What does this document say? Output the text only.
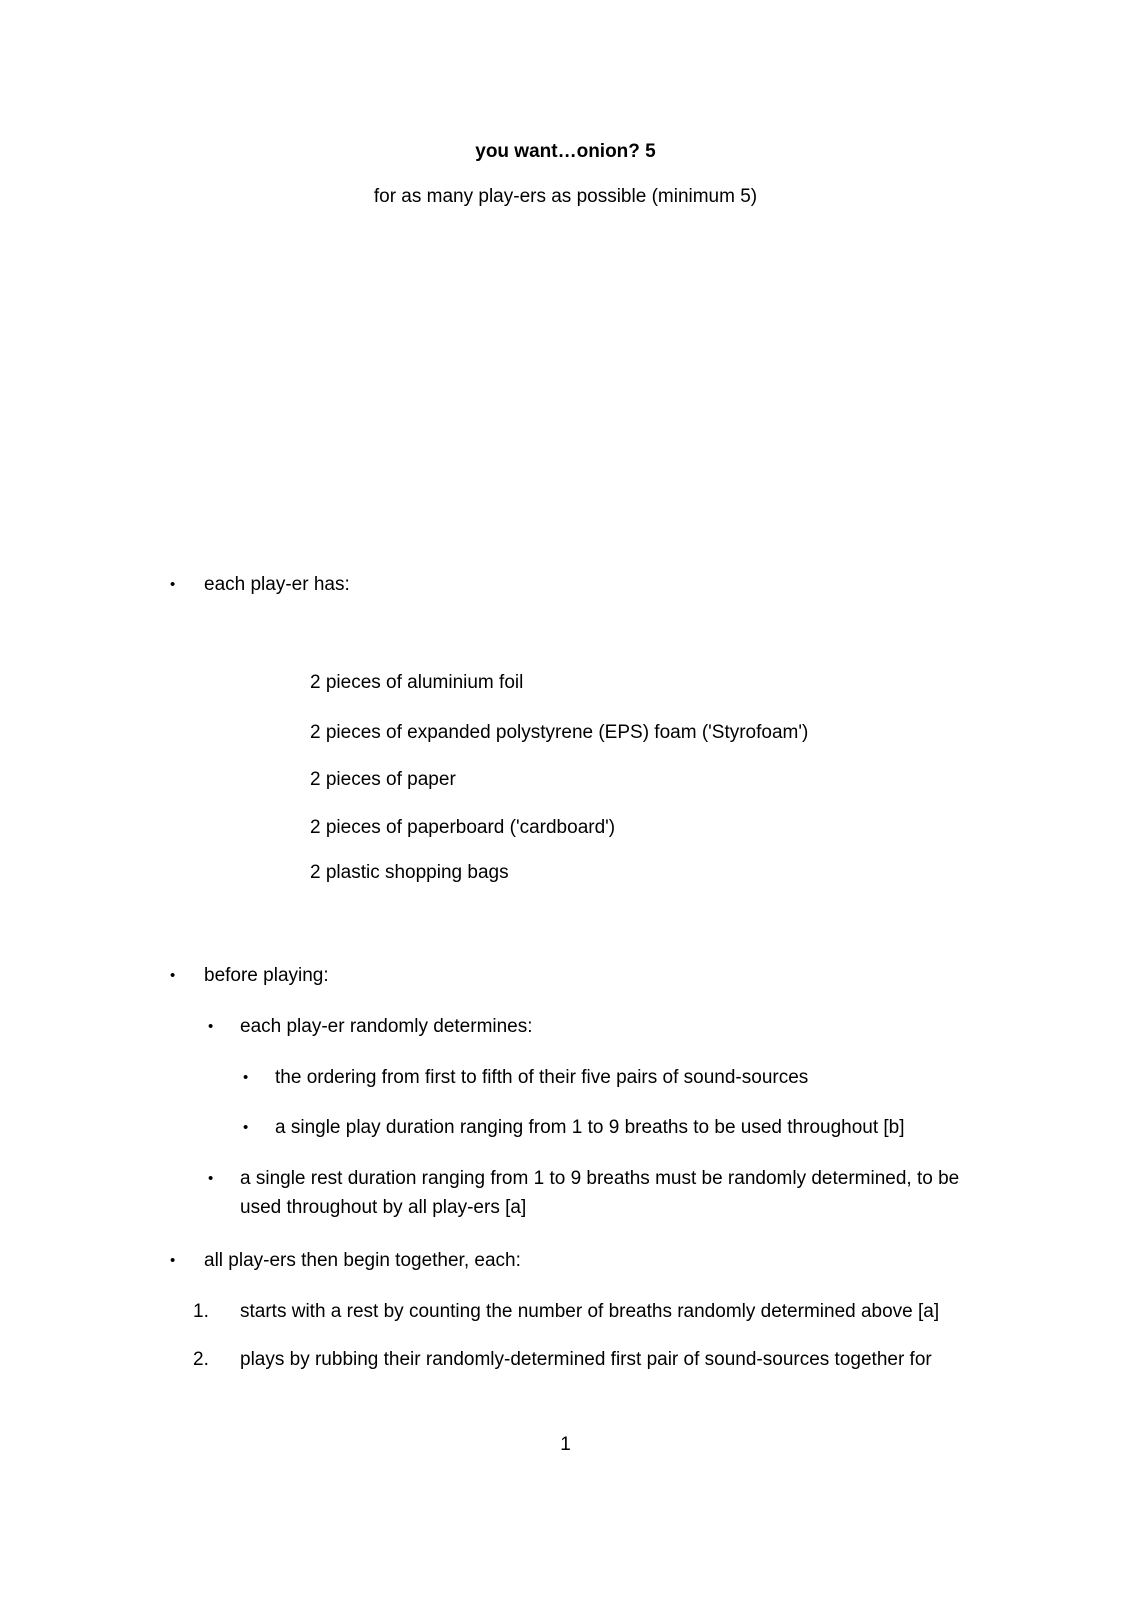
you want…onion? 5
for as many play-ers as possible (minimum 5)
• each play-er has:
2 pieces of aluminium foil
2 pieces of expanded polystyrene (EPS) foam ('Styrofoam')
2 pieces of paper
2 pieces of paperboard ('cardboard')
2 plastic shopping bags
• before playing:
• each play-er randomly determines:
• the ordering from first to fifth of their five pairs of sound-sources
• a single play duration ranging from 1 to 9 breaths to be used throughout [b]
• a single rest duration ranging from 1 to 9 breaths must be randomly determined, to be used throughout by all play-ers [a]
• all play-ers then begin together, each:
1. starts with a rest by counting the number of breaths randomly determined above [a]
2. plays by rubbing their randomly-determined first pair of sound-sources together for
1
